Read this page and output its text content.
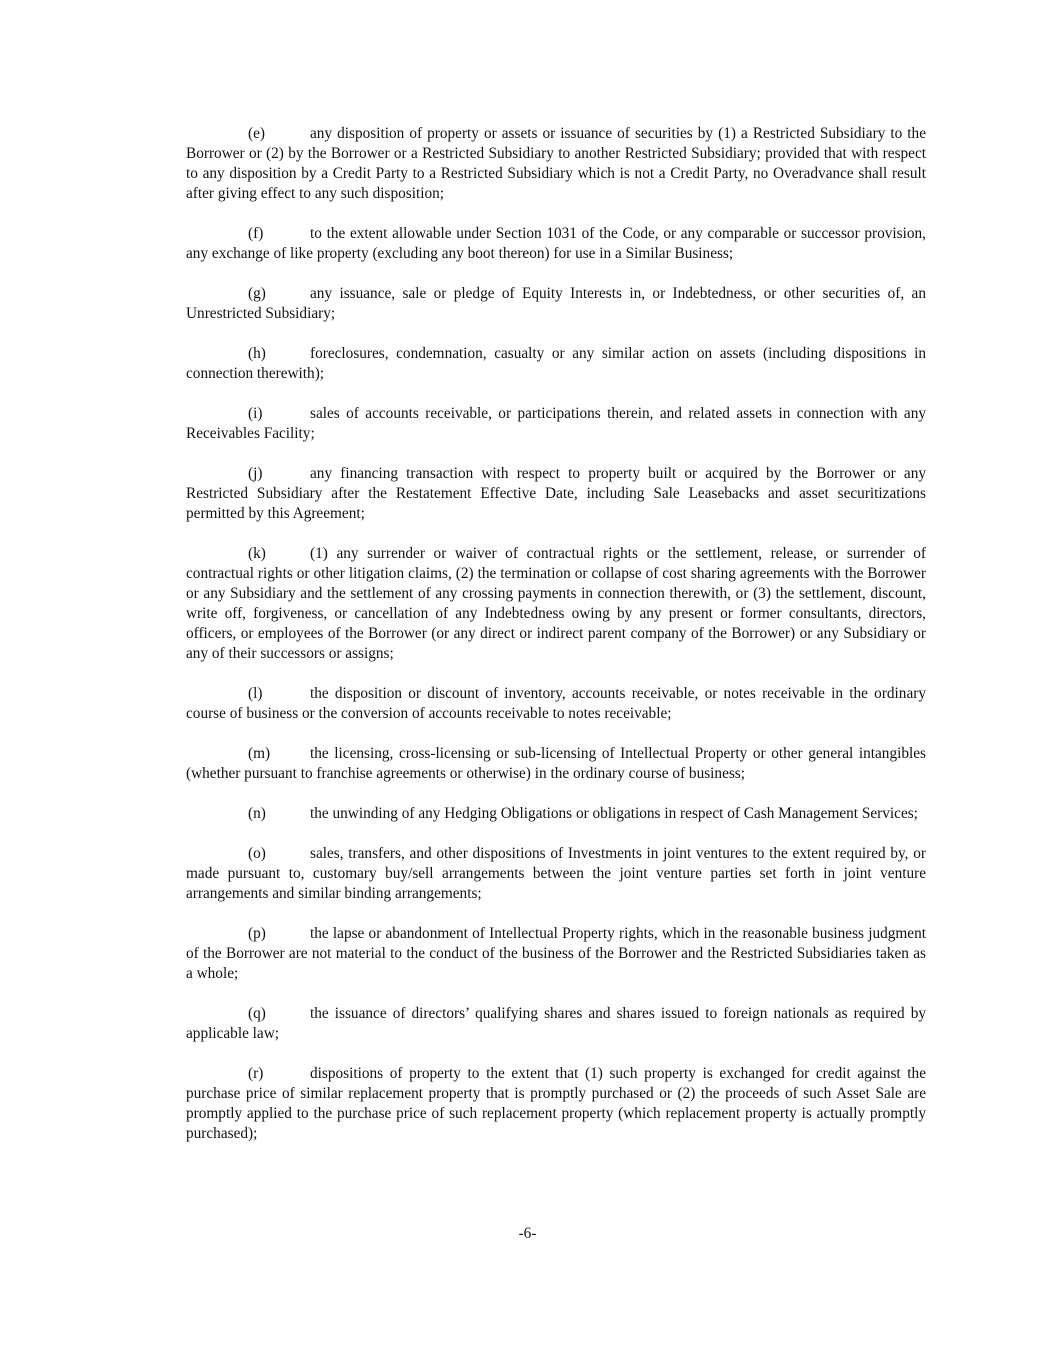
(e)	any disposition of property or assets or issuance of securities by (1) a Restricted Subsidiary to the Borrower or (2) by the Borrower or a Restricted Subsidiary to another Restricted Subsidiary; provided that with respect to any disposition by a Credit Party to a Restricted Subsidiary which is not a Credit Party, no Overadvance shall result after giving effect to any such disposition;

(f)	to the extent allowable under Section 1031 of the Code, or any comparable or successor provision, any exchange of like property (excluding any boot thereon) for use in a Similar Business;

(g)	any issuance, sale or pledge of Equity Interests in, or Indebtedness, or other securities of, an Unrestricted Subsidiary;

(h)	foreclosures, condemnation, casualty or any similar action on assets (including dispositions in connection therewith);

(i)	sales of accounts receivable, or participations therein, and related assets in connection with any Receivables Facility;

(j)	any financing transaction with respect to property built or acquired by the Borrower or any Restricted Subsidiary after the Restatement Effective Date, including Sale Leasebacks and asset securitizations permitted by this Agreement;

(k)	(1) any surrender or waiver of contractual rights or the settlement, release, or surrender of contractual rights or other litigation claims, (2) the termination or collapse of cost sharing agreements with the Borrower or any Subsidiary and the settlement of any crossing payments in connection therewith, or (3) the settlement, discount, write off, forgiveness, or cancellation of any Indebtedness owing by any present or former consultants, directors, officers, or employees of the Borrower (or any direct or indirect parent company of the Borrower) or any Subsidiary or any of their successors or assigns;

(l)	the disposition or discount of inventory, accounts receivable, or notes receivable in the ordinary course of business or the conversion of accounts receivable to notes receivable;

(m)	the licensing, cross-licensing or sub-licensing of Intellectual Property or other general intangibles (whether pursuant to franchise agreements or otherwise) in the ordinary course of business;

(n)	the unwinding of any Hedging Obligations or obligations in respect of Cash Management Services;

(o)	sales, transfers, and other dispositions of Investments in joint ventures to the extent required by, or made pursuant to, customary buy/sell arrangements between the joint venture parties set forth in joint venture arrangements and similar binding arrangements;

(p)	the lapse or abandonment of Intellectual Property rights, which in the reasonable business judgment of the Borrower are not material to the conduct of the business of the Borrower and the Restricted Subsidiaries taken as a whole;

(q)	the issuance of directors’ qualifying shares and shares issued to foreign nationals as required by applicable law;

(r)	dispositions of property to the extent that (1) such property is exchanged for credit against the purchase price of similar replacement property that is promptly purchased or (2) the proceeds of such Asset Sale are promptly applied to the purchase price of such replacement property (which replacement property is actually promptly purchased);

-6-
